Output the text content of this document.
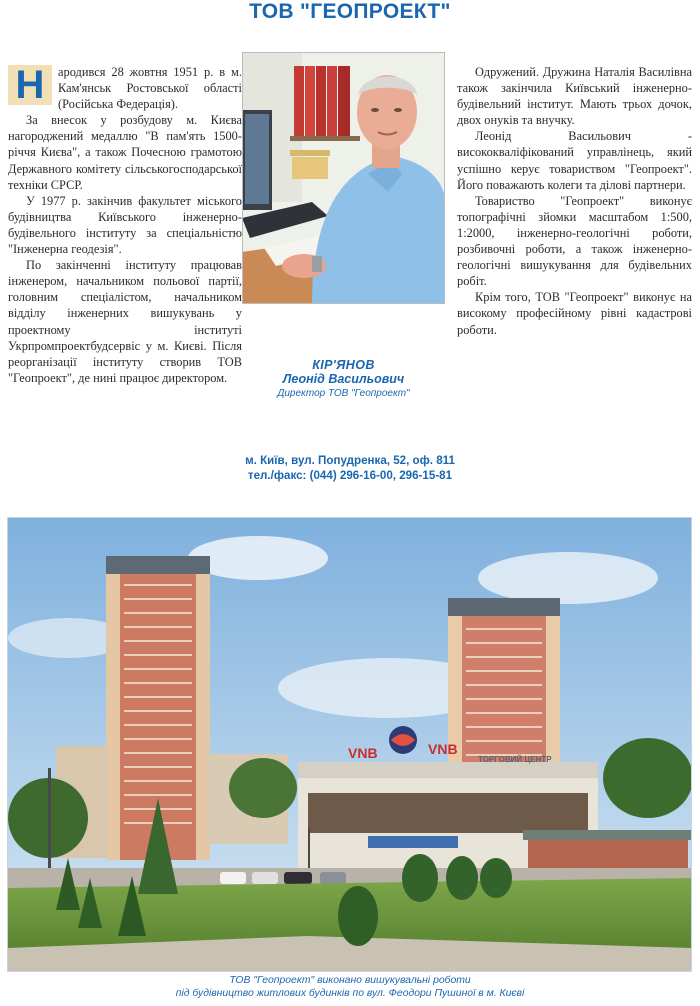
ТОВ "ГЕОПРОЕКТ"

Н	ародився 28 жовтня 1951 р. в м. Кам'янськ Ростовської області (Російська Федерація).

За внесок у розбудову м. Києва нагороджений медаллю "В пам'ять 1500-річчя Києва", а також Почесною грамотою Державного комітету сільськогосподарської техніки СРСР.

У 1977 р. закінчив факультет міського будівництва Київського інженерно-будівельного інституту за спеціальністю "Інженерна геодезія".

По закінченні інституту працював інженером, начальником польової партії, головним спеціалістом, начальником відділу інженерних вишукувань у проектному інституті Укрпромпроектбудсервіс у м. Києві. Після реорганізації інституту створив ТОВ "Геопроект", де нині працює директором.

Одружений. Дружина Наталія Василівна також закінчила Київський інженерно-будівельний інститут. Мають трьох дочок, двох онуків та внучку.

Леонід Васильович - висококваліфікований управлінець, який успішно керує товариством "Геопроект". Його поважають колеги та ділові партнери.

Товариство "Геопроект" виконує топографічні зйомки масштабом 1:500, 1:2000, інженерно-геологічні роботи, розбивочні роботи, а також інженерно-геологічні вишукування для будівельних робіт.

Крім того, ТОВ "Геопроект" виконує на високому професійному рівні кадастрові роботи.

КІР'ЯНОВ
Леонід Васильович
Директор ТОВ "Геопроект"
м. Київ, вул. Попудренка, 52, оф. 811
тел./факс: (044) 296-16-00, 296-15-81
VNB	VNB
ТОРГОВИЙ ЦЕНТР
ТОВ "Геопроект" виконано вишукувальні роботи
під будівництво житлових будинків по вул. Феодори Пушиної в м. Києві
